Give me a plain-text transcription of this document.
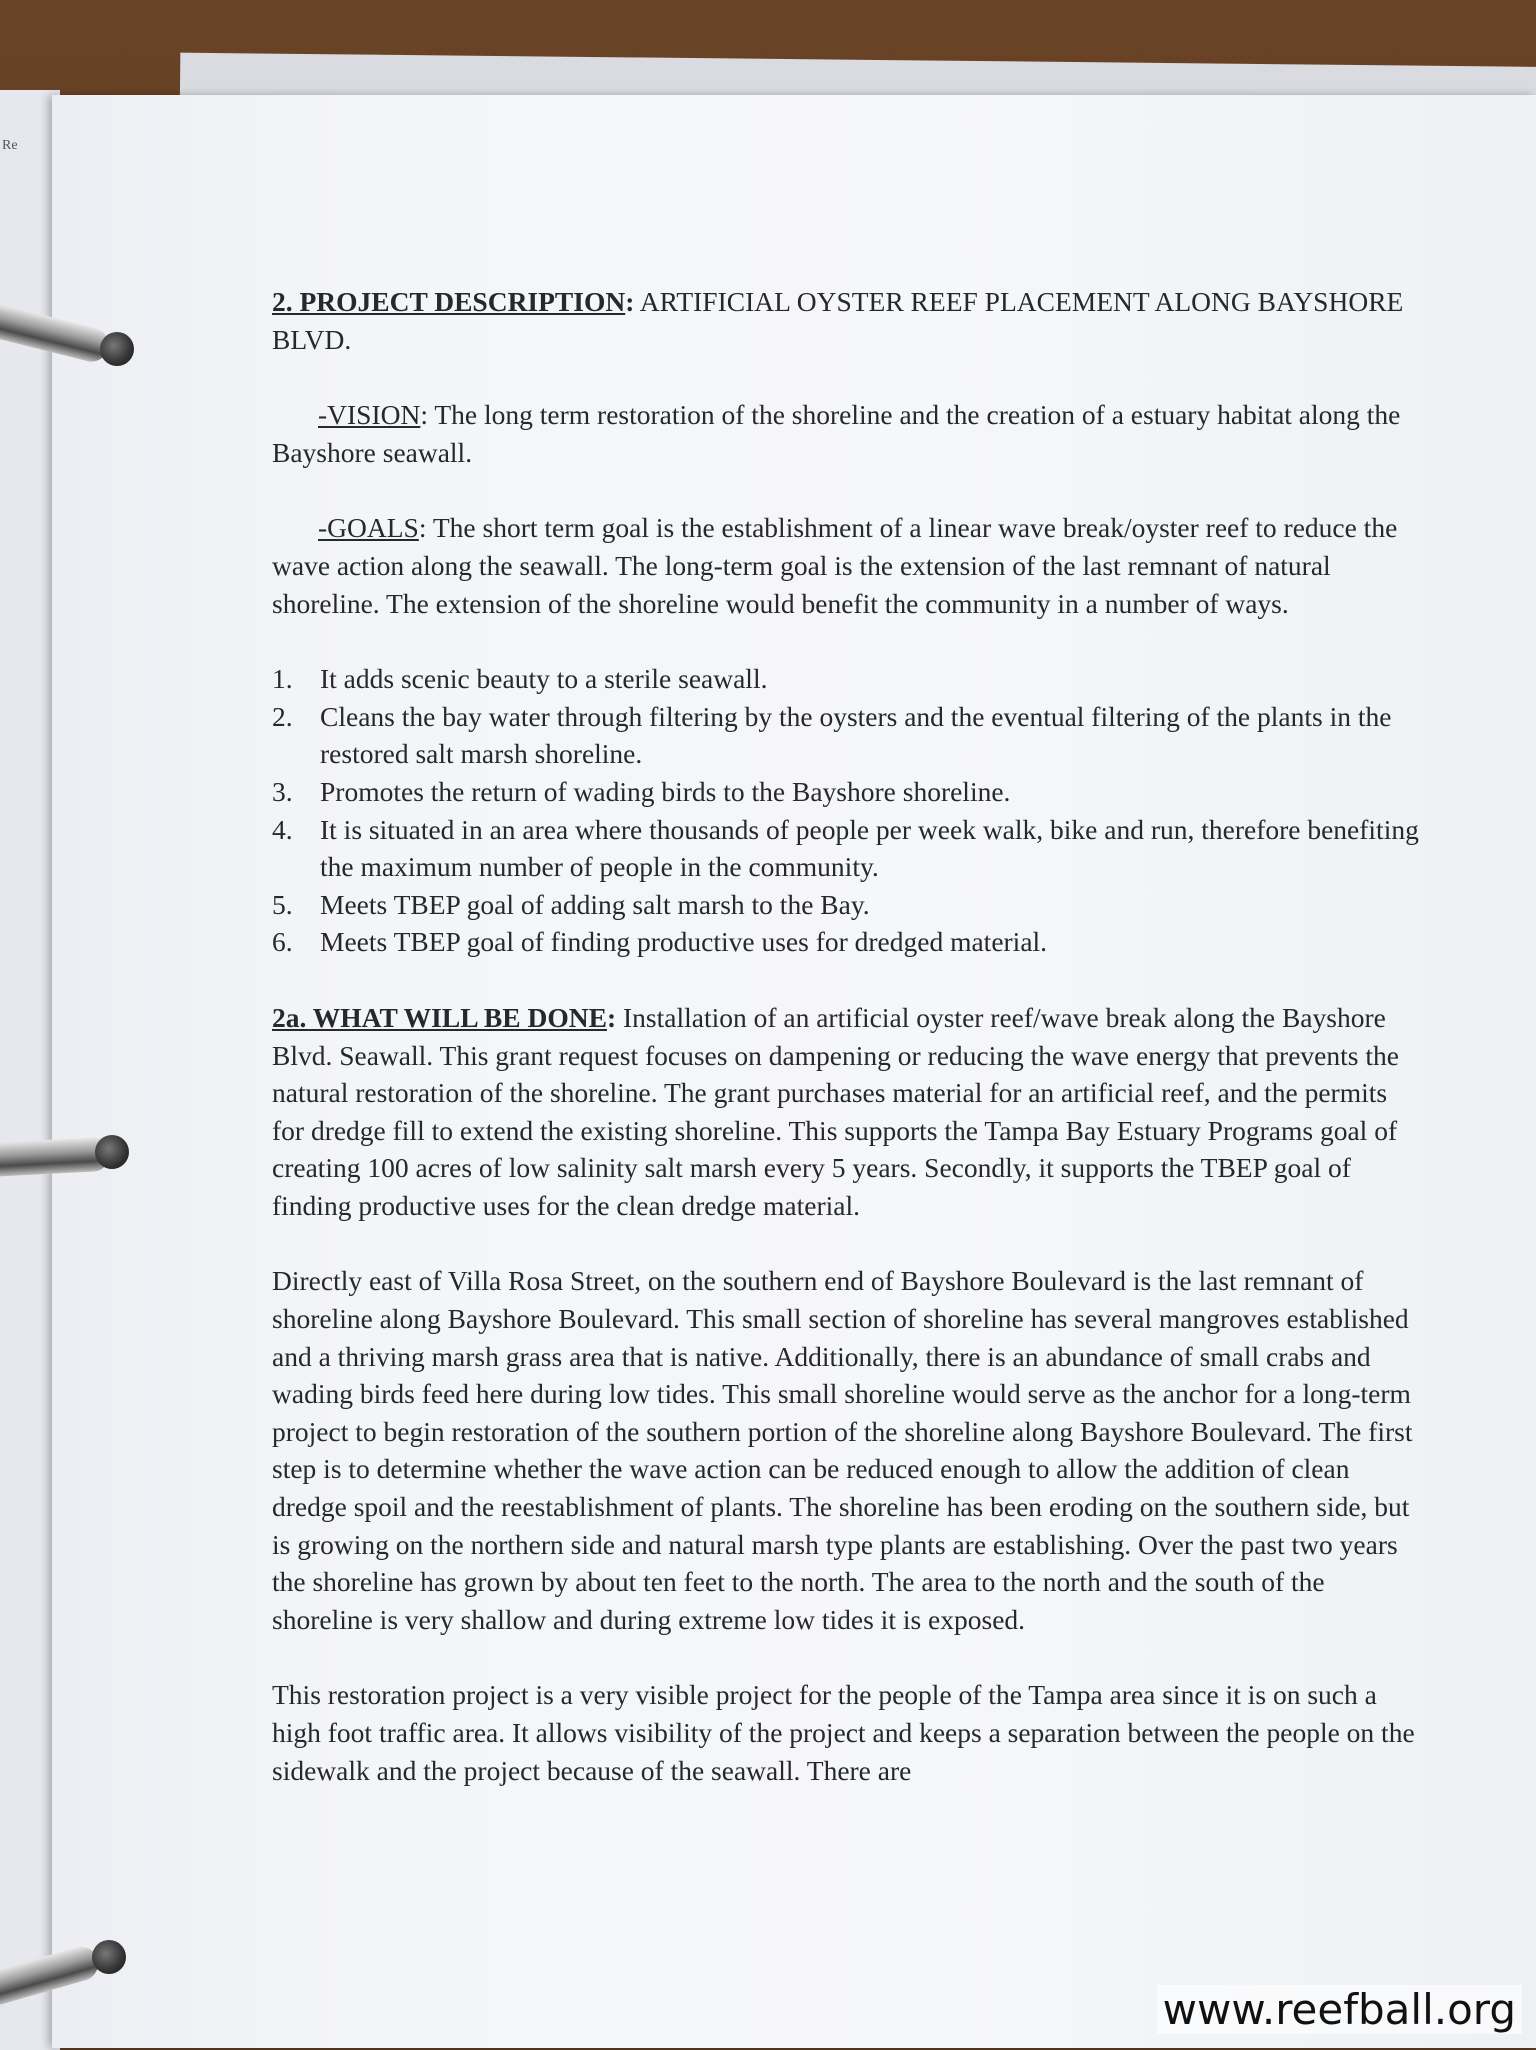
Re

2. PROJECT DESCRIPTION: ARTIFICIAL OYSTER REEF PLACEMENT ALONG BAYSHORE BLVD.

-VISION: The long term restoration of the shoreline and the creation of a estuary habitat along the Bayshore seawall.

-GOALS: The short term goal is the establishment of a linear wave break/oyster reef to reduce the wave action along the seawall. The long-term goal is the extension of the last remnant of natural shoreline. The extension of the shoreline would benefit the community in a number of ways.

1. It adds scenic beauty to a sterile seawall.
2. Cleans the bay water through filtering by the oysters and the eventual filtering of the plants in the restored salt marsh shoreline.
3. Promotes the return of wading birds to the Bayshore shoreline.
4. It is situated in an area where thousands of people per week walk, bike and run, therefore benefiting the maximum number of people in the community.
5. Meets TBEP goal of adding salt marsh to the Bay.
6. Meets TBEP goal of finding productive uses for dredged material.

2a. WHAT WILL BE DONE: Installation of an artificial oyster reef/wave break along the Bayshore Blvd. Seawall. This grant request focuses on dampening or reducing the wave energy that prevents the natural restoration of the shoreline. The grant purchases material for an artificial reef, and the permits for dredge fill to extend the existing shoreline. This supports the Tampa Bay Estuary Programs goal of creating 100 acres of low salinity salt marsh every 5 years. Secondly, it supports the TBEP goal of finding productive uses for the clean dredge material.

Directly east of Villa Rosa Street, on the southern end of Bayshore Boulevard is the last remnant of shoreline along Bayshore Boulevard. This small section of shoreline has several mangroves established and a thriving marsh grass area that is native. Additionally, there is an abundance of small crabs and wading birds feed here during low tides. This small shoreline would serve as the anchor for a long-term project to begin restoration of the southern portion of the shoreline along Bayshore Boulevard. The first step is to determine whether the wave action can be reduced enough to allow the addition of clean dredge spoil and the reestablishment of plants. The shoreline has been eroding on the southern side, but is growing on the northern side and natural marsh type plants are establishing. Over the past two years the shoreline has grown by about ten feet to the north. The area to the north and the south of the shoreline is very shallow and during extreme low tides it is exposed.

This restoration project is a very visible project for the people of the Tampa area since it is on such a high foot traffic area. It allows visibility of the project and keeps a separation between the people on the sidewalk and the project because of the seawall. There are

www.reefball.org
